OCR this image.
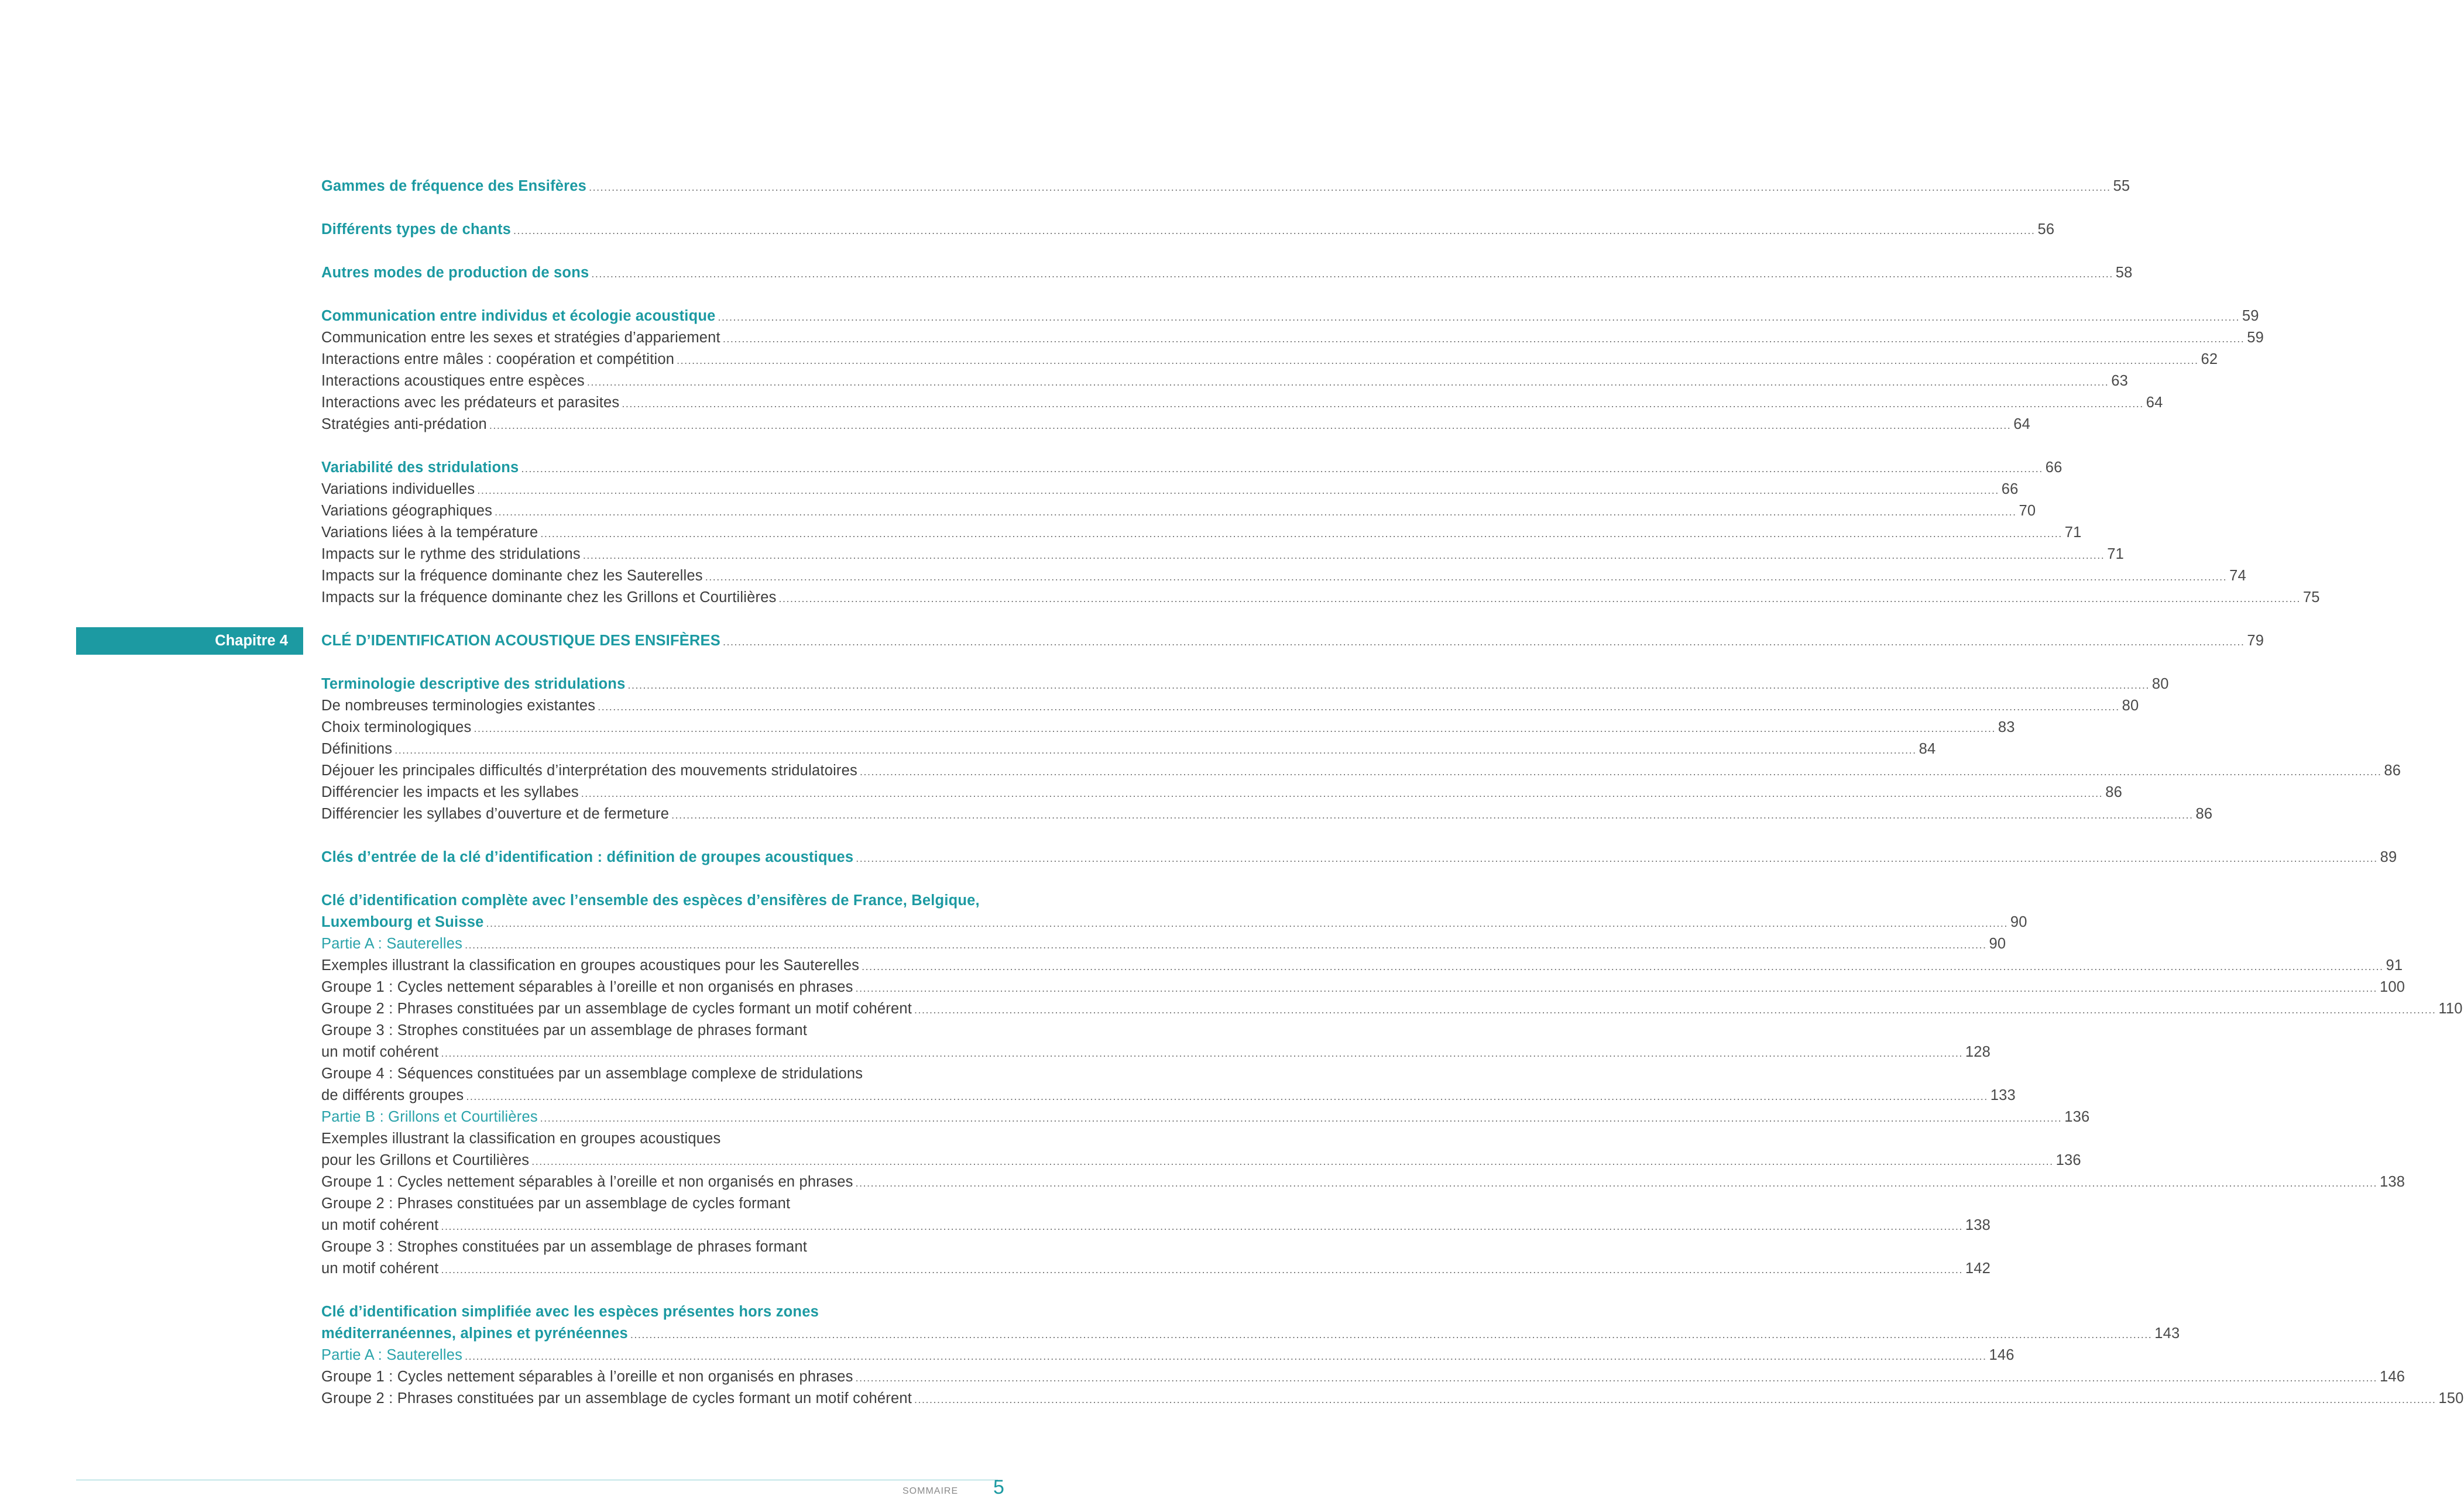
Gammes de fréquence des Ensifères ................................................................................................................................................................................................................................................................................................................................................................................................................ 55
Différents types de chants ................................................................................................................................................................................................................................................................................................................................................................................................................ 56
Autres modes de production de sons ................................................................................................................................................................................................................................................................................................................................................................................................................ 58
Communication entre individus et écologie acoustique ................................................................................................................................................................................................................................................................................................................................................................................................................ 59
Communication entre les sexes et stratégies d’appariement ................................................................................................................................................................................................................................................................................................................................................................................................................ 59
Interactions entre mâles : coopération et compétition ................................................................................................................................................................................................................................................................................................................................................................................................................ 62
Interactions acoustiques entre espèces ................................................................................................................................................................................................................................................................................................................................................................................................................ 63
Interactions avec les prédateurs et parasites ................................................................................................................................................................................................................................................................................................................................................................................................................ 64
Stratégies anti-prédation ................................................................................................................................................................................................................................................................................................................................................................................................................ 64
Variabilité des stridulations ................................................................................................................................................................................................................................................................................................................................................................................................................ 66
Variations individuelles ................................................................................................................................................................................................................................................................................................................................................................................................................ 66
Variations géographiques ................................................................................................................................................................................................................................................................................................................................................................................................................ 70
Variations liées à la température ................................................................................................................................................................................................................................................................................................................................................................................................................ 71
Impacts sur le rythme des stridulations ................................................................................................................................................................................................................................................................................................................................................................................................................ 71
Impacts sur la fréquence dominante chez les Sauterelles ................................................................................................................................................................................................................................................................................................................................................................................................................ 74
Impacts sur la fréquence dominante chez les Grillons et Courtilières ................................................................................................................................................................................................................................................................................................................................................................................................................ 75
CLÉ D’IDENTIFICATION ACOUSTIQUE DES ENSIFÈRES ................................................................................................................................................................................................................................................................................................................................................................................................................ 79
Terminologie descriptive des stridulations ................................................................................................................................................................................................................................................................................................................................................................................................................ 80
De nombreuses terminologies existantes ................................................................................................................................................................................................................................................................................................................................................................................................................ 80
Choix terminologiques ................................................................................................................................................................................................................................................................................................................................................................................................................ 83
Définitions ................................................................................................................................................................................................................................................................................................................................................................................................................ 84
Déjouer les principales difficultés d’interprétation des mouvements stridulatoires ................................................................................................................................................................................................................................................................................................................................................................................................................ 86
Différencier les impacts et les syllabes ................................................................................................................................................................................................................................................................................................................................................................................................................ 86
Différencier les syllabes d’ouverture et de fermeture ................................................................................................................................................................................................................................................................................................................................................................................................................ 86
Clés d’entrée de la clé d’identification : définition de groupes acoustiques ................................................................................................................................................................................................................................................................................................................................................................................................................ 89
Clé d’identification complète avec l’ensemble des espèces d’ensifères de France, Belgique,
Luxembourg et Suisse ................................................................................................................................................................................................................................................................................................................................................................................................................ 90
Partie A : Sauterelles ................................................................................................................................................................................................................................................................................................................................................................................................................ 90
Exemples illustrant la classification en groupes acoustiques pour les Sauterelles ................................................................................................................................................................................................................................................................................................................................................................................................................ 91
Groupe 1 : Cycles nettement séparables à l’oreille et non organisés en phrases ................................................................................................................................................................................................................................................................................................................................................................................................................ 100
Groupe 2 : Phrases constituées par un assemblage de cycles formant un motif cohérent ................................................................................................................................................................................................................................................................................................................................................................................................................ 110
Groupe 3 : Strophes constituées par un assemblage de phrases formant
un motif cohérent ................................................................................................................................................................................................................................................................................................................................................................................................................ 128
Groupe 4 : Séquences constituées par un assemblage complexe de stridulations
de différents groupes ................................................................................................................................................................................................................................................................................................................................................................................................................ 133
Partie B : Grillons et Courtilières ................................................................................................................................................................................................................................................................................................................................................................................................................ 136
Exemples illustrant la classification en groupes acoustiques
pour les Grillons et Courtilières ................................................................................................................................................................................................................................................................................................................................................................................................................ 136
Groupe 1 : Cycles nettement séparables à l’oreille et non organisés en phrases ................................................................................................................................................................................................................................................................................................................................................................................................................ 138
Groupe 2 : Phrases constituées par un assemblage de cycles formant
un motif cohérent ................................................................................................................................................................................................................................................................................................................................................................................................................ 138
Groupe 3 : Strophes constituées par un assemblage de phrases formant
un motif cohérent ................................................................................................................................................................................................................................................................................................................................................................................................................ 142
Clé d’identification simplifiée avec les espèces présentes hors zones
méditerranéennes, alpines et pyrénéennes ................................................................................................................................................................................................................................................................................................................................................................................................................ 143
Partie A : Sauterelles ................................................................................................................................................................................................................................................................................................................................................................................................................ 146
Groupe 1 : Cycles nettement séparables à l’oreille et non organisés en phrases ................................................................................................................................................................................................................................................................................................................................................................................................................ 146
Groupe 2 : Phrases constituées par un assemblage de cycles formant un motif cohérent ................................................................................................................................................................................................................................................................................................................................................................................................................ 150
Chapitre 4
SOMMAIRE 5
